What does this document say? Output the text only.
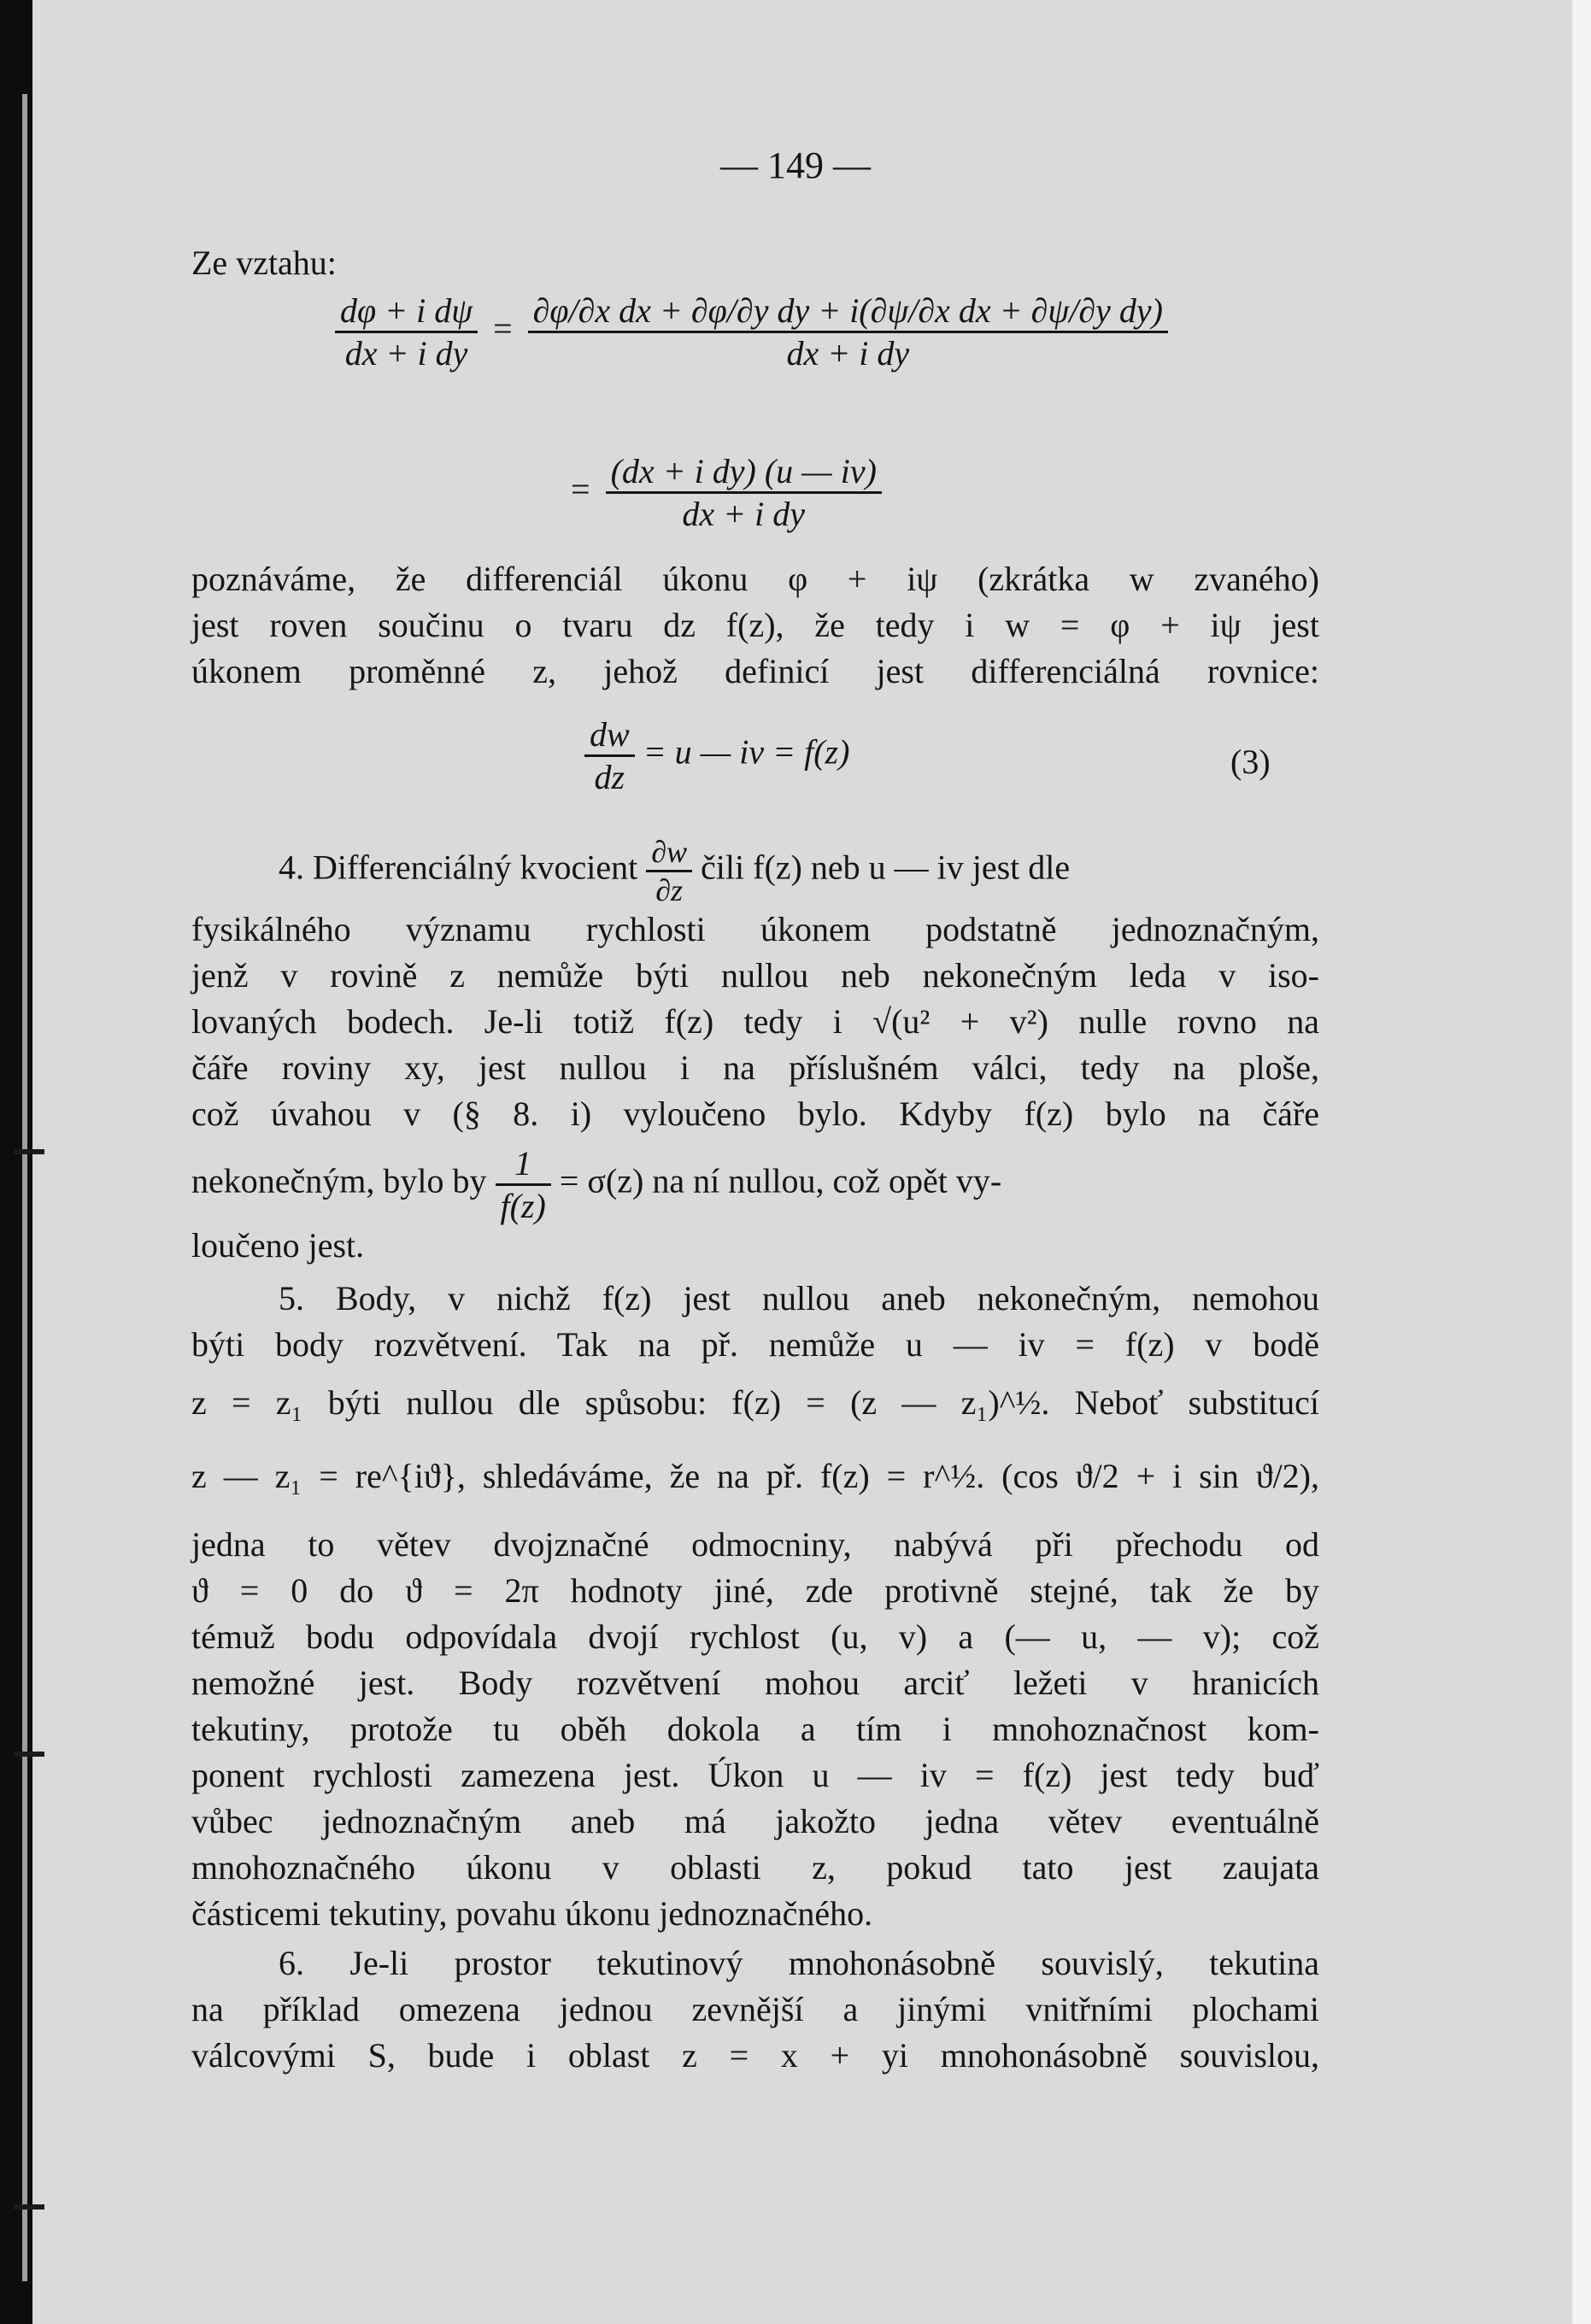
— 149 —
Ze vztahu:
$\frac{\text{dφ + i dψ}}{\text{dx + i dy}} = \frac{\text{∂φ/∂x dx + ∂φ/∂y dy + i(∂ψ/∂x dx + ∂ψ/∂y dy)}}{\text{dx + i dy}}$
= $\frac{\text{(dx + i dy) (u — iv)}}{\text{dx + i dy}}$
poznáváme, že differenciál úkonu φ + iψ (zkrátka w zvaného)
jest roven součinu o tvaru dz f(z), že tedy i w = φ + iψ jest
úkonem proměnné z, jehož definicí jest differenciálná rovnice:
$\frac{dw}{dz} = u$ — iv = f(z)	(3)
4. Differenciálný kvocient $\frac{\partial w}{\partial z}$ čili f(z) neb u — iv jest dle
fysikálného významu rychlosti úkonem podstatně jednoznačným,
jenž v rovině z nemůže býti nullou neb nekonečným leda v iso-
lovaných bodech. Je-li totiž f(z) tedy i √(u² + v²) nulle rovno na
čáře roviny xy, jest nullou i na příslušném válci, tedy na ploše,
což úvahou v (§ 8. i) vyloučeno bylo. Kdyby f(z) bylo na čáře
nekonečným, bylo by $\frac{1}{f(z)} = \sigma(z)$ na ní nullou, což opět vy-
loučeno jest.
5. Body, v nichž f(z) jest nullou aneb nekonečným, nemohou
býti body rozvětvení. Tak na př. nemůže u — iv = f(z) v bodě
z = z₁ býti nullou dle spůsobu: f(z) = (z — z₁)^½. Neboť substitucí
z — z₁ = re^{iϑ}, shledáváme, že na př. f(z) = r^½. (cos ϑ/2 + i sin ϑ/2),
jedna to větev dvojznačné odmocniny, nabývá při přechodu od
ϑ = 0 do ϑ = 2π hodnoty jiné, zde protivně stejné, tak že by
témuž bodu odpovídala dvojí rychlost (u, v) a (— u, — v); což
nemožné jest. Body rozvětvení mohou arciť ležeti v hranicích
tekutiny, protože tu oběh dokola a tím i mnohoznačnost kom-
ponent rychlosti zamezena jest. Úkon u — iv = f(z) jest tedy buď
vůbec jednoznačným aneb má jakožto jedna větev eventuálně
mnohoznačného úkonu v oblasti z, pokud tato jest zaujata
částicemi tekutiny, povahu úkonu jednoznačného.
6. Je-li prostor tekutinový mnohonásobně souvislý, tekutina
na příklad omezena jednou zevnější a jinými vnitřními plochami
válcovými S, bude i oblast z = x + yi mnohonásobně souvislou,
